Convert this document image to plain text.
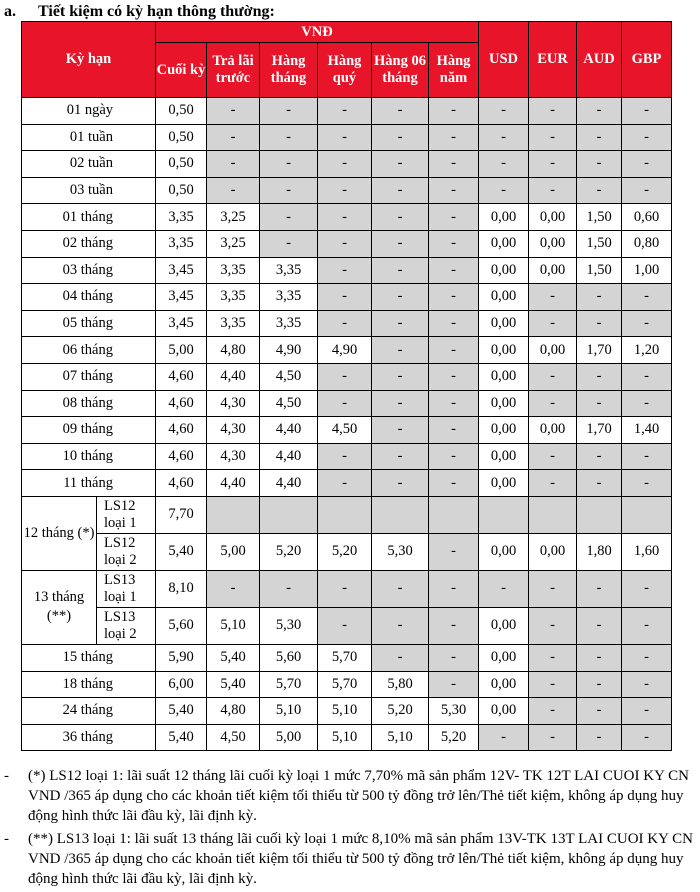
a. Tiết kiệm có kỳ hạn thông thường:
Kỳ hạn		VNĐ						USD	EUR	AUD	GBP
		Cuối kỳ	Trả lãi trước	Hàng tháng	Hàng quý	Hàng 06 tháng	Hàng năm				
01 ngày		0,50	-	-	-	-	-	-	-	-	-
01 tuần		0,50	-	-	-	-	-	-	-	-	-
02 tuần		0,50	-	-	-	-	-	-	-	-	-
03 tuần		0,50	-	-	-	-	-	-	-	-	-
01 tháng		3,35	3,25	-	-	-	-	0,00	0,00	1,50	0,60
02 tháng		3,35	3,25	-	-	-	-	0,00	0,00	1,50	0,80
03 tháng		3,45	3,35	3,35	-	-	-	0,00	0,00	1,50	1,00
04 tháng		3,45	3,35	3,35	-	-	-	0,00	-	-	-
05 tháng		3,45	3,35	3,35	-	-	-	0,00	-	-	-
06 tháng		5,00	4,80	4,90	4,90	-	-	0,00	0,00	1,70	1,20
07 tháng		4,60	4,40	4,50	-	-	-	0,00	-	-	-
08 tháng		4,60	4,30	4,50	-	-	-	0,00	-	-	-
09 tháng		4,60	4,30	4,40	4,50	-	-	0,00	0,00	1,70	1,40
10 tháng		4,60	4,30	4,40	-	-	-	0,00	-	-	-
11 tháng		4,60	4,40	4,40	-	-	-	0,00	-	-	-
12 tháng (*)	LS12 loại 1	7,70									
	LS12 loại 2	5,40	5,00	5,20	5,20	5,30	-	0,00	0,00	1,80	1,60
13 tháng (**)	LS13 loại 1	8,10	-	-	-	-	-	-	-	-	-
	LS13 loại 2	5,60	5,10	5,30	-	-	-	0,00	-	-	-
15 tháng		5,90	5,40	5,60	5,70	-	-	0,00	-	-	-
18 tháng		6,00	5,40	5,70	5,70	5,80	-	0,00	-	-	-
24 tháng		5,40	4,80	5,10	5,10	5,20	5,30	0,00	-	-	-
36 tháng		5,40	4,50	5,00	5,10	5,10	5,20	-	-	-	-
- (*) LS12 loại 1: lãi suất 12 tháng lãi cuối kỳ loại 1 mức 7,70% mã sản phẩm 12V- TK 12T LAI CUOI KY CN VND /365 áp dụng cho các khoản tiết kiệm tối thiểu từ 500 tỷ đồng trở lên/Thẻ tiết kiệm, không áp dụng huy động hình thức lãi đầu kỳ, lãi định kỳ.
- (**) LS13 loại 1: lãi suất 13 tháng lãi cuối kỳ loại 1 mức 8,10% mã sản phẩm 13V-TK 13T LAI CUOI KY CN VND /365 áp dụng cho các khoản tiết kiệm tối thiểu từ 500 tỷ đồng trở lên/Thẻ tiết kiệm, không áp dụng huy động hình thức lãi đầu kỳ, lãi định kỳ.
